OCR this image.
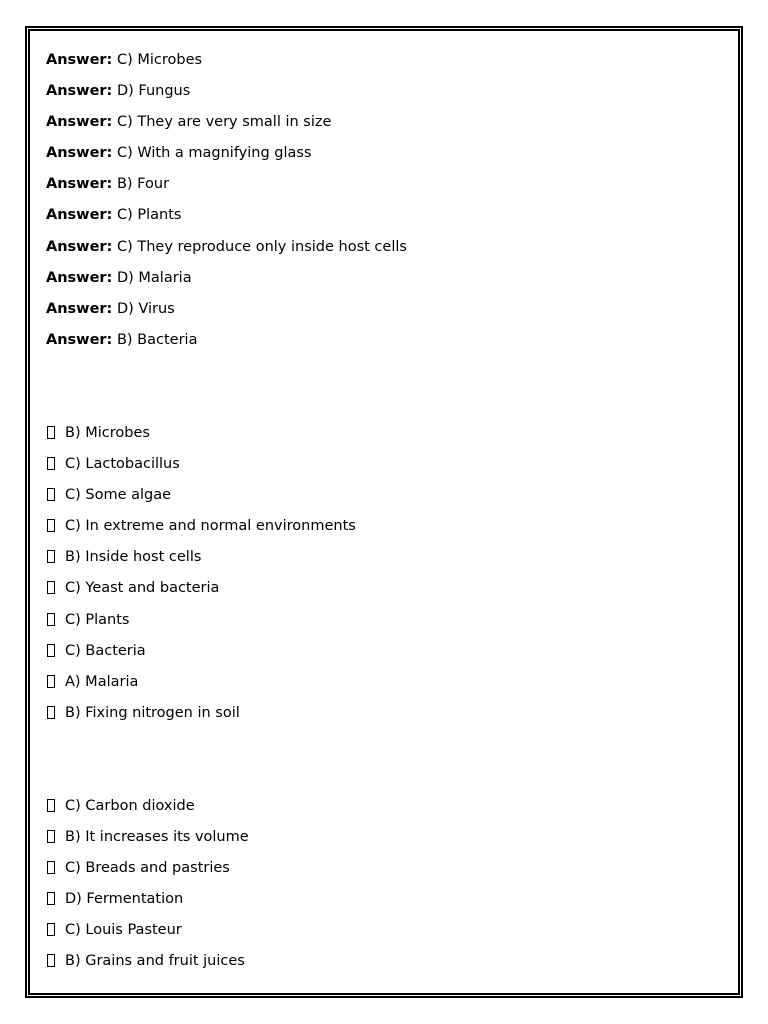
Answer: C) Microbes
Answer: D) Fungus
Answer: C) They are very small in size
Answer: C) With a magnifying glass
Answer: B) Four
Answer: C) Plants
Answer: C) They reproduce only inside host cells
Answer: D) Malaria
Answer: D) Virus
Answer: B) Bacteria
B) Microbes
C) Lactobacillus
C) Some algae
C) In extreme and normal environments
B) Inside host cells
C) Yeast and bacteria
C) Plants
C) Bacteria
A) Malaria
B) Fixing nitrogen in soil
C) Carbon dioxide
B) It increases its volume
C) Breads and pastries
D) Fermentation
C) Louis Pasteur
B) Grains and fruit juices
